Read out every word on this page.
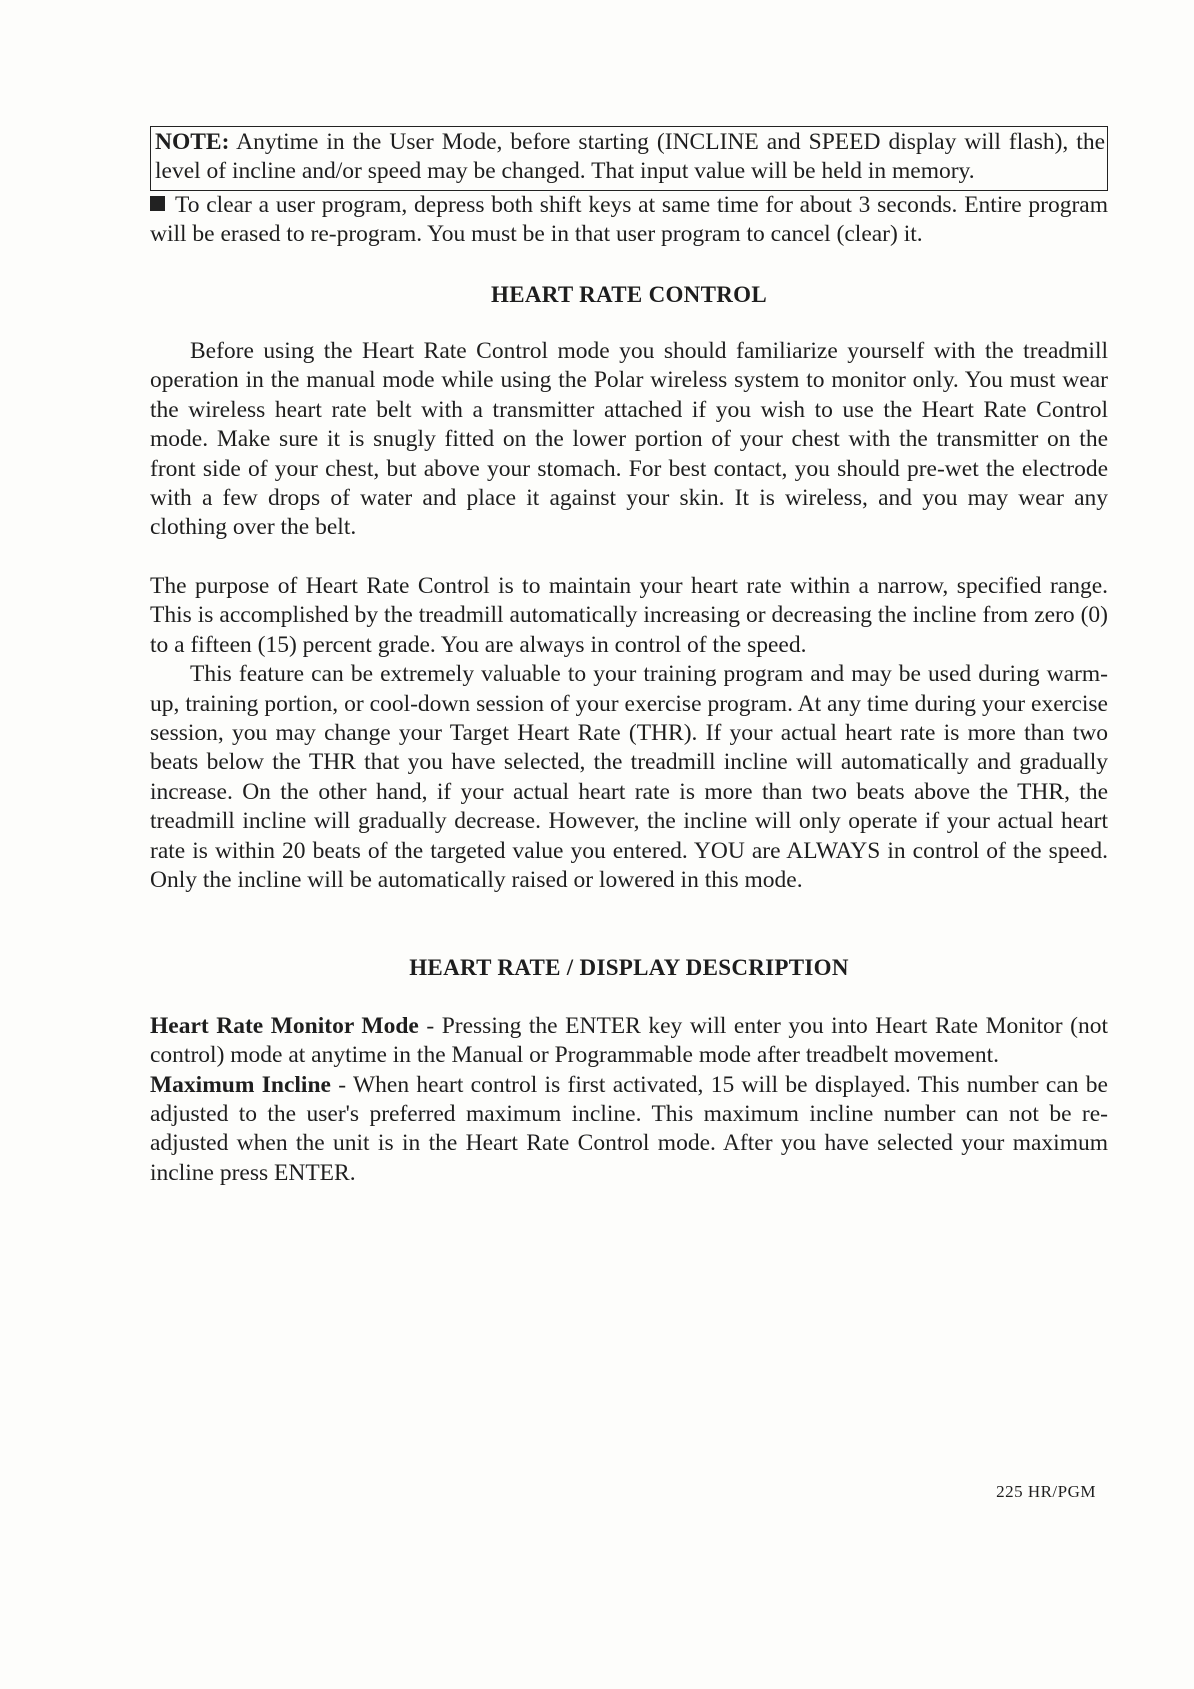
NOTE: Anytime in the User Mode, before starting (INCLINE and SPEED display will flash), the level of incline and/or speed may be changed. That input value will be held in memory.

To clear a user program, depress both shift keys at same time for about 3 seconds. Entire program will be erased to re-program. You must be in that user program to cancel (clear) it.

HEART RATE CONTROL

Before using the Heart Rate Control mode you should familiarize yourself with the treadmill operation in the manual mode while using the Polar wireless system to monitor only. You must wear the wireless heart rate belt with a transmitter attached if you wish to use the Heart Rate Control mode. Make sure it is snugly fitted on the lower portion of your chest with the transmitter on the front side of your chest, but above your stomach. For best contact, you should pre-wet the electrode with a few drops of water and place it against your skin. It is wireless, and you may wear any clothing over the belt.

The purpose of Heart Rate Control is to maintain your heart rate within a narrow, specified range. This is accomplished by the treadmill automatically increasing or decreasing the incline from zero (0) to a fifteen (15) percent grade. You are always in control of the speed.

This feature can be extremely valuable to your training program and may be used during warm-up, training portion, or cool-down session of your exercise program. At any time during your exercise session, you may change your Target Heart Rate (THR). If your actual heart rate is more than two beats below the THR that you have selected, the treadmill incline will automatically and gradually increase. On the other hand, if your actual heart rate is more than two beats above the THR, the treadmill incline will gradually decrease. However, the incline will only operate if your actual heart rate is within 20 beats of the targeted value you entered. YOU are ALWAYS in control of the speed. Only the incline will be automatically raised or lowered in this mode.

HEART RATE / DISPLAY DESCRIPTION

Heart Rate Monitor Mode - Pressing the ENTER key will enter you into Heart Rate Monitor (not control) mode at anytime in the Manual or Programmable mode after treadbelt movement.

Maximum Incline - When heart control is first activated, 15 will be displayed. This number can be adjusted to the user's preferred maximum incline. This maximum incline number can not be re-adjusted when the unit is in the Heart Rate Control mode. After you have selected your maximum incline press ENTER.

225 HR/PGM
